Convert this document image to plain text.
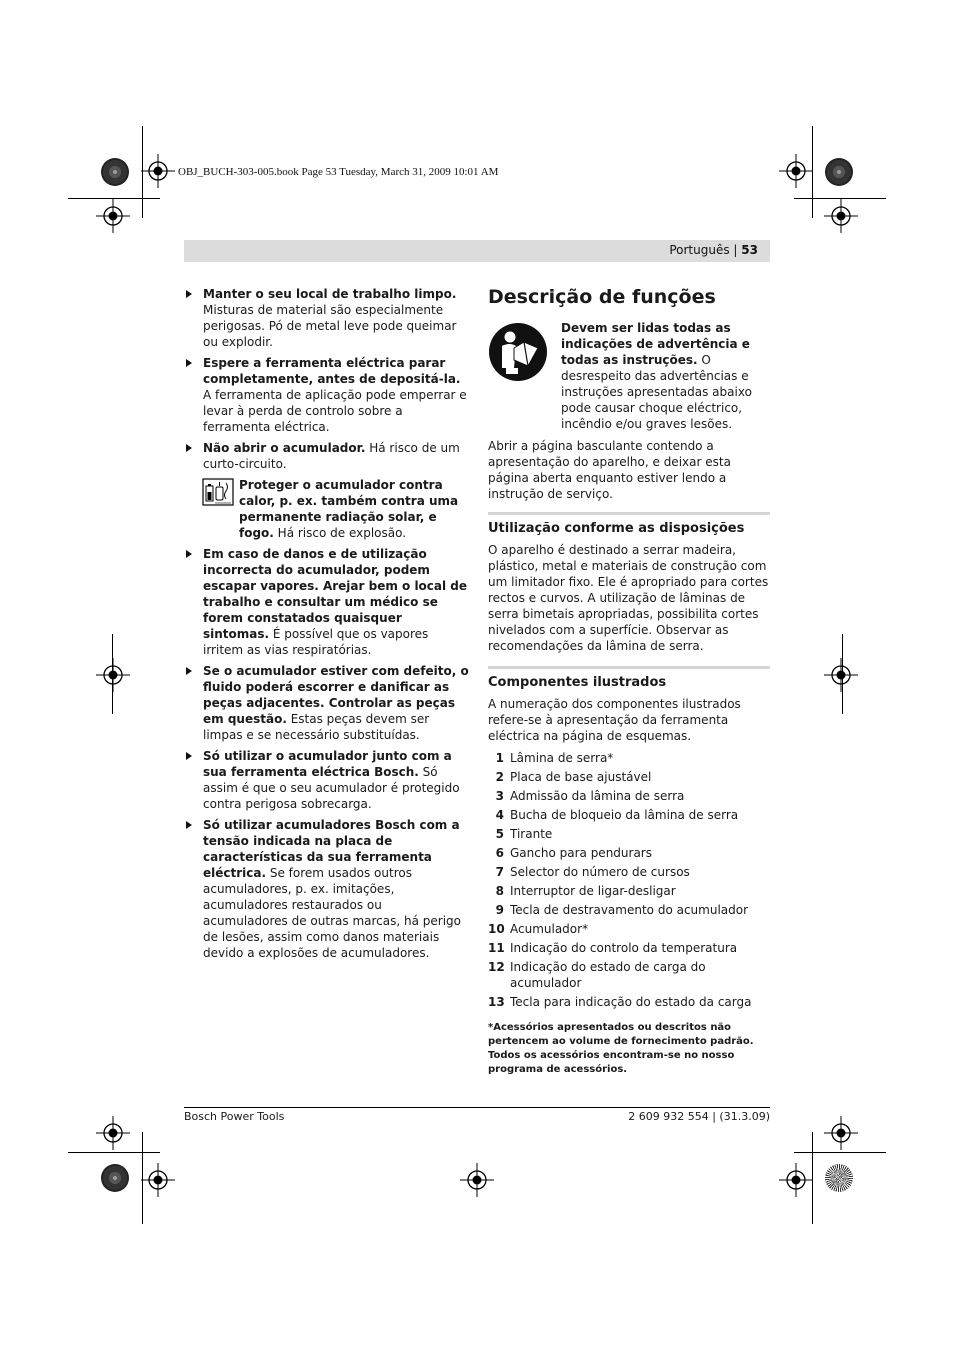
OBJ_BUCH-303-005.book Page 53 Tuesday, March 31, 2009 10:01 AM
Português | 53
Manter o seu local de trabalho limpo. Misturas de material são especialmente perigosas. Pó de metal leve pode queimar ou explodir.
Espere a ferramenta eléctrica parar completamente, antes de depositá-la. A ferramenta de aplicação pode emperrar e levar à perda de controlo sobre a ferramenta eléctrica.
Não abrir o acumulador. Há risco de um curto-circuito.
Proteger o acumulador contra calor, p. ex. também contra uma permanente radiação solar, e fogo. Há risco de explosão.
Em caso de danos e de utilização incorrecta do acumulador, podem escapar vapores. Arejar bem o local de trabalho e consultar um médico se forem constatados quaisquer sintomas. É possível que os vapores irritem as vias respiratórias.
Se o acumulador estiver com defeito, o fluido poderá escorrer e danificar as peças adjacentes. Controlar as peças em questão. Estas peças devem ser limpas e se necessário substituídas.
Só utilizar o acumulador junto com a sua ferramenta eléctrica Bosch. Só assim é que o seu acumulador é protegido contra perigosa sobrecarga.
Só utilizar acumuladores Bosch com a tensão indicada na placa de características da sua ferramenta eléctrica. Se forem usados outros acumuladores, p. ex. imitações, acumuladores restaurados ou acumuladores de outras marcas, há perigo de lesões, assim como danos materiais devido a explosões de acumuladores.
Descrição de funções
Devem ser lidas todas as indicações de advertência e todas as instruções. O desrespeito das advertências e instruções apresentadas abaixo pode causar choque eléctrico, incêndio e/ou graves lesões.

Abrir a página basculante contendo a apresentação do aparelho, e deixar esta página aberta enquanto estiver lendo a instrução de serviço.

Utilização conforme as disposições

O aparelho é destinado a serrar madeira, plástico, metal e materiais de construção com um limitador fixo. Ele é apropriado para cortes rectos e curvos. A utilização de lâminas de serra bimetais apropriadas, possibilita cortes nivelados com a superfície. Observar as recomendações da lâmina de serra.

Componentes ilustrados

A numeração dos componentes ilustrados refere-se à apresentação da ferramenta eléctrica na página de esquemas.

1 Lâmina de serra*
2 Placa de base ajustável
3 Admissão da lâmina de serra
4 Bucha de bloqueio da lâmina de serra
5 Tirante
6 Gancho para pendurars
7 Selector do número de cursos
8 Interruptor de ligar-desligar
9 Tecla de destravamento do acumulador
10 Acumulador*
11 Indicação do controlo da temperatura
12 Indicação do estado de carga do acumulador
13 Tecla para indicação do estado da carga

*Acessórios apresentados ou descritos não pertencem ao volume de fornecimento padrão. Todos os acessórios encontram-se no nosso programa de acessórios.

Bosch Power Tools	2 609 932 554 | (31.3.09)
